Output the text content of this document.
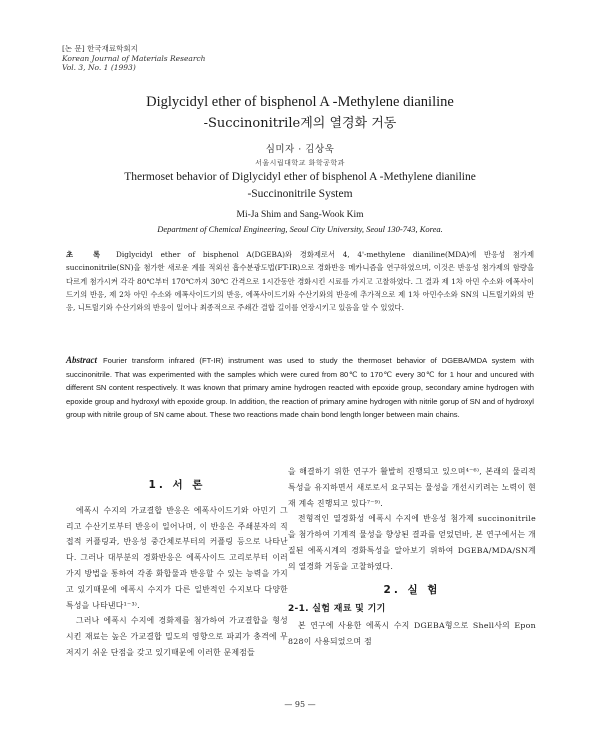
[논 문] 한국재료학회지
Korean Journal of Materials Research
Vol. 3, No. 1 (1993)
Diglycidyl ether of bisphenol A -Methylene dianiline
-Succinonitrile계의 열경화 거동
심미자 · 김상욱
서울시립대학교 화학공학과
Thermoset behavior of Diglycidyl ether of bisphenol A -Methylene dianiline
-Succinonitrile System
Mi-Ja Shim and Sang-Wook Kim
Department of Chemical Engineering, Seoul City University, Seoul 130-743, Korea.
초 록 Diglycidyl ether of bisphenol A(DGEBA)와 경화제로서 4, 4'-methylene dianiline(MDA)에 반응성 첨가제 succinonitrile(SN)을 첨가한 새로운 계를 적외선 흡수분광도법(FT-IR)으로 경화반응 메카니즘을 연구하였으며, 이것은 반응성 첨가제의 함량을 다르게 첨가시켜 각각 80℃부터 170℃까지 30℃ 간격으로 1시간동안 경화시킨 시료를 가지고 고찰하였다. 그 결과 제 1차 아민 수소와 에폭사이드기의 반응, 제 2차 아민 수소와 에폭사이드기의 반응, 에폭사이드기와 수산기와의 반응에 추가적으로 제 1차 아민수소와 SN의 니트릴기와의 반응, 니트릴기와 수산기와의 반응이 일어나 최종적으로 주쇄간 결합 길이를 연장시키고 있음을 알 수 있었다.
Abstract Fourier transform infrared (FT-IR) instrument was used to study the thermoset behavior of DGEBA/MDA system with succinonitrile. That was experimented with the samples which were cured from 80℃ to 170℃ every 30℃ for 1 hour and uncured with different SN content respectively. It was known that primary amine hydrogen reacted with epoxide group, secondary amine hydrogen with epoxide group and hydroxyl with epoxide group. In addition, the reaction of primary amine hydrogen with nitrile gorup of SN and of hydroxyl group with nitrile group of SN came about. These two reactions made chain bond length longer between main chains.
1. 서 론

에폭시 수지의 가교결합 반응은 에폭사이드기와 아민기 그리고 수산기로부터 반응이 일어나며, 이 반응은 주쇄분자의 직접적 커플링과, 반응성 중간체로부터의 커플링 등으로 나타난다. 그러나 대부분의 경화반응은 에폭사이드 고리로부터 이러가지 방법을 통하여 각종 화합물과 반응할 수 있는 능력을 가지고 있기때문에 에폭시 수지가 다른 일반적인 수지보다 다양한 특성을 나타낸다¹⁻³⁾.

그러나 에폭시 수지에 경화제를 첨가하여 가교결합을 형성시킨 재료는 높은 가교결합 밀도의 영향으로 파괴가 충격에 무저지기 쉬운 단점을 갖고 있기때문에 이러한 문제점들

을 해결하기 위한 연구가 활발히 진행되고 있으며⁴⁻⁶⁾, 본래의 물리적 특성을 유지하면서 새로로서 요구되는 물성을 개선시키려는 노력이 현재 계속 진행되고 있다⁷⁻⁹⁾.

전형적인 열경화성 에폭시 수지에 반응성 첨가제 succinonitrile을 첨가하여 기계적 물성을 향상된 결과를 얻었던바, 본 연구에서는 개질된 에폭시계의 경화특성을 알아보기 위하여 DGEBA/MDA/SN계의 열경화 거동을 고찰하였다.

2. 실 험
2-1. 실험 재료 및 기기

본 연구에 사용한 에폭시 수지 DGEBA형으로 Shell사의 Epon 828이 사용되었으며 점

— 95 —
